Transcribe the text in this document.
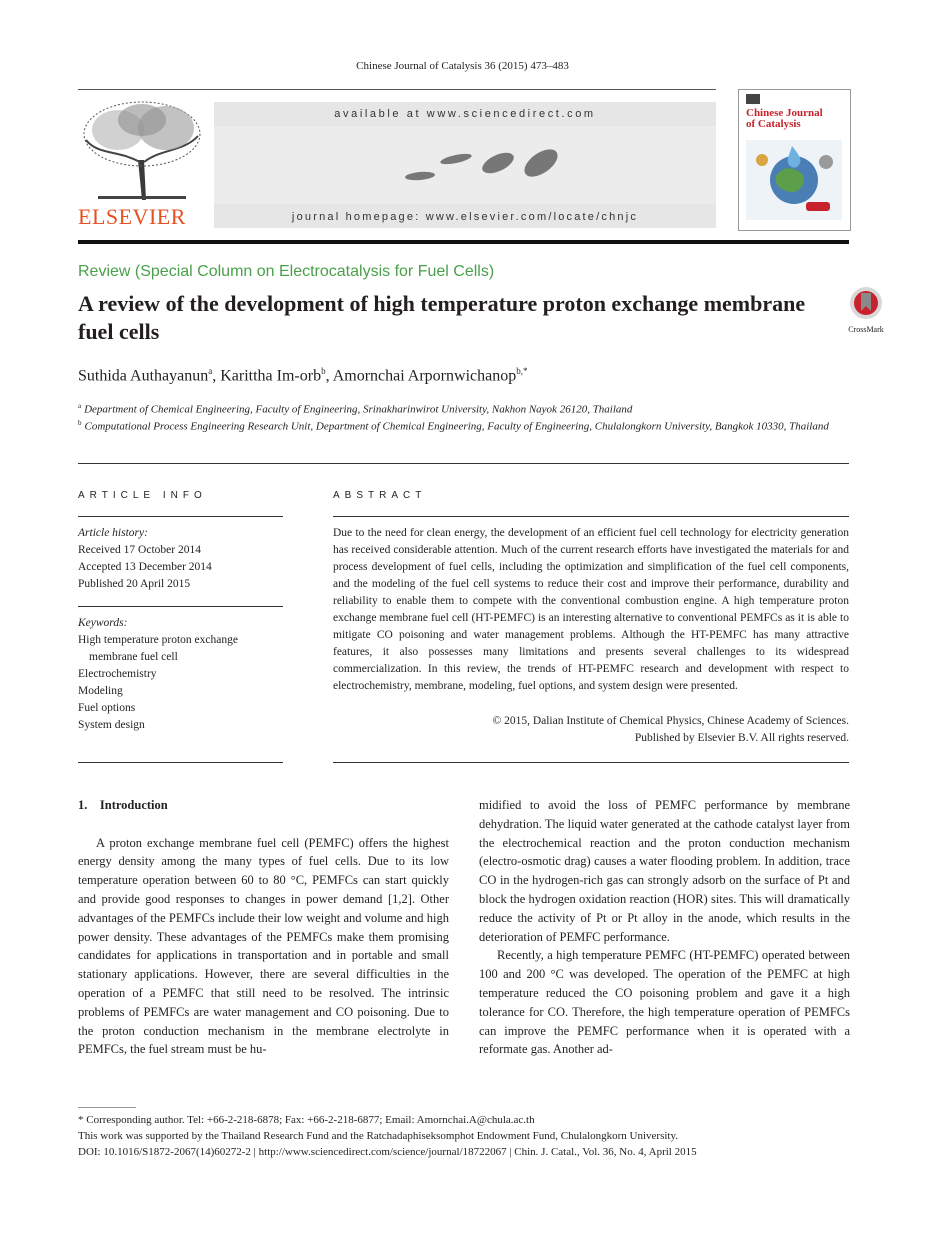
Chinese Journal of Catalysis 36 (2015) 473–483
ELSEVIER
available at www.sciencedirect.com
journal homepage: www.elsevier.com/locate/chnjc
Chinese Journal
of Catalysis
Review (Special Column on Electrocatalysis for Fuel Cells)
A review of the development of high temperature proton exchange membrane fuel cells	CrossMark
Suthida Authayanun$^a$, Karittha Im-orb$^b$, Amornchai Arpornwichanop$^{b,*}$
$^a$ Department of Chemical Engineering, Faculty of Engineering, Srinakharinwirot University, Nakhon Nayok 26120, Thailand
$^b$ Computational Process Engineering Research Unit, Department of Chemical Engineering, Faculty of Engineering, Chulalongkorn University, Bangkok 10330, Thailand
ARTICLE INFO
Article history:
Received 17 October 2014
Accepted 13 December 2014
Published 20 April 2015
Keywords:
High temperature proton exchange membrane fuel cell
Electrochemistry
Modeling
Fuel options
System design
ABSTRACT
Due to the need for clean energy, the development of an efficient fuel cell technology for electricity generation has received considerable attention. Much of the current research efforts have investigated the materials for and process development of fuel cells, including the optimization and simplification of the fuel cell components, and the modeling of the fuel cell systems to reduce their cost and improve their performance, durability and reliability to enable them to compete with the conventional combustion engine. A high temperature proton exchange membrane fuel cell (HT-PEMFC) is an interesting alternative to conventional PEMFCs as it is able to mitigate CO poisoning and water management problems. Although the HT-PEMFC has many attractive features, it also possesses many limitations and presents several challenges to its widespread commercialization. In this review, the trends of HT-PEMFC research and development with respect to electrochemistry, membrane, modeling, fuel options, and system design were presented.
© 2015, Dalian Institute of Chemical Physics, Chinese Academy of Sciences.
Published by Elsevier B.V. All rights reserved.

1.    Introduction

A proton exchange membrane fuel cell (PEMFC) offers the highest energy density among the many types of fuel cells. Due to its low temperature operation between 60 to 80 °C, PEMFCs can start quickly and provide good responses to changes in power demand [1,2]. Other advantages of the PEMFCs include their low weight and volume and high power density. These advantages of the PEMFCs make them promising candidates for applications in transportation and in portable and small stationary applications. However, there are several difficulties in the operation of a PEMFC that still need to be resolved. The intrinsic problems of PEMFCs are water management and CO poisoning. Due to the proton conduction mechanism in the membrane electrolyte in PEMFCs, the fuel stream must be hu-

midified to avoid the loss of PEMFC performance by membrane dehydration. The liquid water generated at the cathode catalyst layer from the electrochemical reaction and the proton conduction mechanism (electro-osmotic drag) causes a water flooding problem. In addition, trace CO in the hydrogen-rich gas can strongly adsorb on the surface of Pt and block the hydrogen oxidation reaction (HOR) sites. This will dramatically reduce the activity of Pt or Pt alloy in the anode, which results in the deterioration of PEMFC performance.

Recently, a high temperature PEMFC (HT-PEMFC) operated between 100 and 200 °C was developed. The operation of the PEMFC at high temperature reduced the CO poisoning problem and gave it a high tolerance for CO. Therefore, the high temperature operation of PEMFCs can improve the PEMFC performance when it is operated with a reformate gas. Another ad-

* Corresponding author. Tel: +66-2-218-6878; Fax: +66-2-218-6877; Email: Amornchai.A@chula.ac.th
This work was supported by the Thailand Research Fund and the Ratchadaphiseksomphot Endowment Fund, Chulalongkorn University.
DOI: 10.1016/S1872-2067(14)60272-2 | http://www.sciencedirect.com/science/journal/18722067 | Chin. J. Catal., Vol. 36, No. 4, April 2015
